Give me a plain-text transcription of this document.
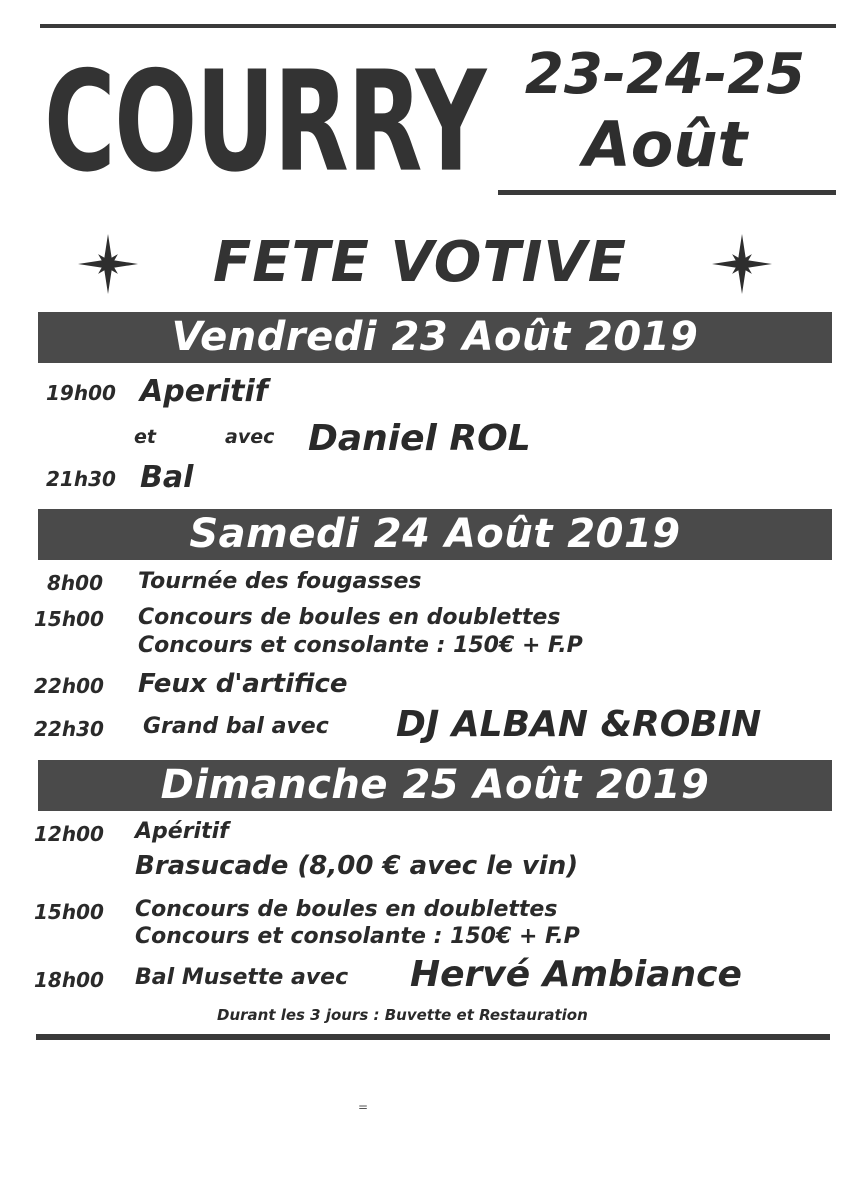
COURRY 23-24-25
Août
FETE VOTIVE
Vendredi 23 Août 2019
19h00 Aperitif
et	avec Daniel ROL
21h30 Bal
Samedi 24 Août 2019
8h00 Tournée des fougasses
15h00 Concours de boules en doublettes
Concours et consolante : 150€ + F.P
22h00 Feux d'artifice
22h30 Grand bal avec DJ ALBAN &ROBIN
Dimanche 25 Août 2019
12h00 Apéritif
Brasucade (8,00 € avec le vin)
15h00 Concours de boules en doublettes
Concours et consolante : 150€ + F.P
18h00 Bal Musette avec Hervé Ambiance
Durant les 3 jours : Buvette et Restauration
=
